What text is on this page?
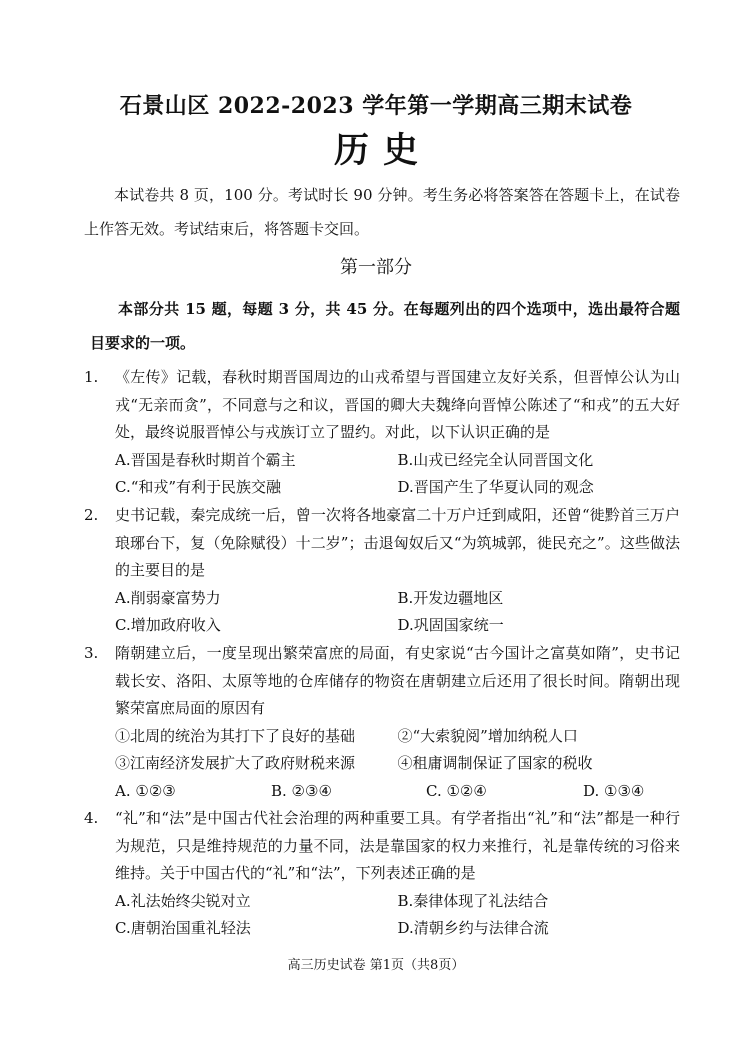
石景山区 2022-2023 学年第一学期高三期末试卷
历史
本试卷共 8 页，100 分。考试时长 90 分钟。考生务必将答案答在答题卡上，在试卷上作答无效。考试结束后，将答题卡交回。
第一部分
本部分共 15 题，每题 3 分，共 45 分。在每题列出的四个选项中，选出最符合题目要求的一项。
1.	《左传》记载，春秋时期晋国周边的山戎希望与晋国建立友好关系，但晋悼公认为山戎“无亲而贪”，不同意与之和议，晋国的卿大夫魏绛向晋悼公陈述了“和戎”的五大好处，最终说服晋悼公与戎族订立了盟约。对此，以下认识正确的是
A.晋国是春秋时期首个霸主	B.山戎已经完全认同晋国文化
C.“和戎”有利于民族交融	D.晋国产生了华夏认同的观念
2.	史书记载，秦完成统一后，曾一次将各地豪富二十万户迁到咸阳，还曾“徙黔首三万户琅琊台下，复（免除赋役）十二岁”；击退匈奴后又“为筑城郭，徙民充之”。这些做法的主要目的是
A.削弱豪富势力	B.开发边疆地区
C.增加政府收入	D.巩固国家统一
3.	隋朝建立后，一度呈现出繁荣富庶的局面，有史家说“古今国计之富莫如隋”，史书记载长安、洛阳、太原等地的仓库储存的物资在唐朝建立后还用了很长时间。隋朝出现繁荣富庶局面的原因有
①北周的统治为其打下了良好的基础	②“大索貌阅”增加纳税人口
③江南经济发展扩大了政府财税来源	④租庸调制保证了国家的税收
A. ①②③	B. ②③④	C. ①②④	D. ①③④
4.	“礼”和“法”是中国古代社会治理的两种重要工具。有学者指出“礼”和“法”都是一种行为规范，只是维持规范的力量不同，法是靠国家的权力来推行，礼是靠传统的习俗来维持。关于中国古代的“礼”和“法”，下列表述正确的是
A.礼法始终尖锐对立	B.秦律体现了礼法结合
C.唐朝治国重礼轻法	D.清朝乡约与法律合流
高三历史试卷 第1页（共8页）
